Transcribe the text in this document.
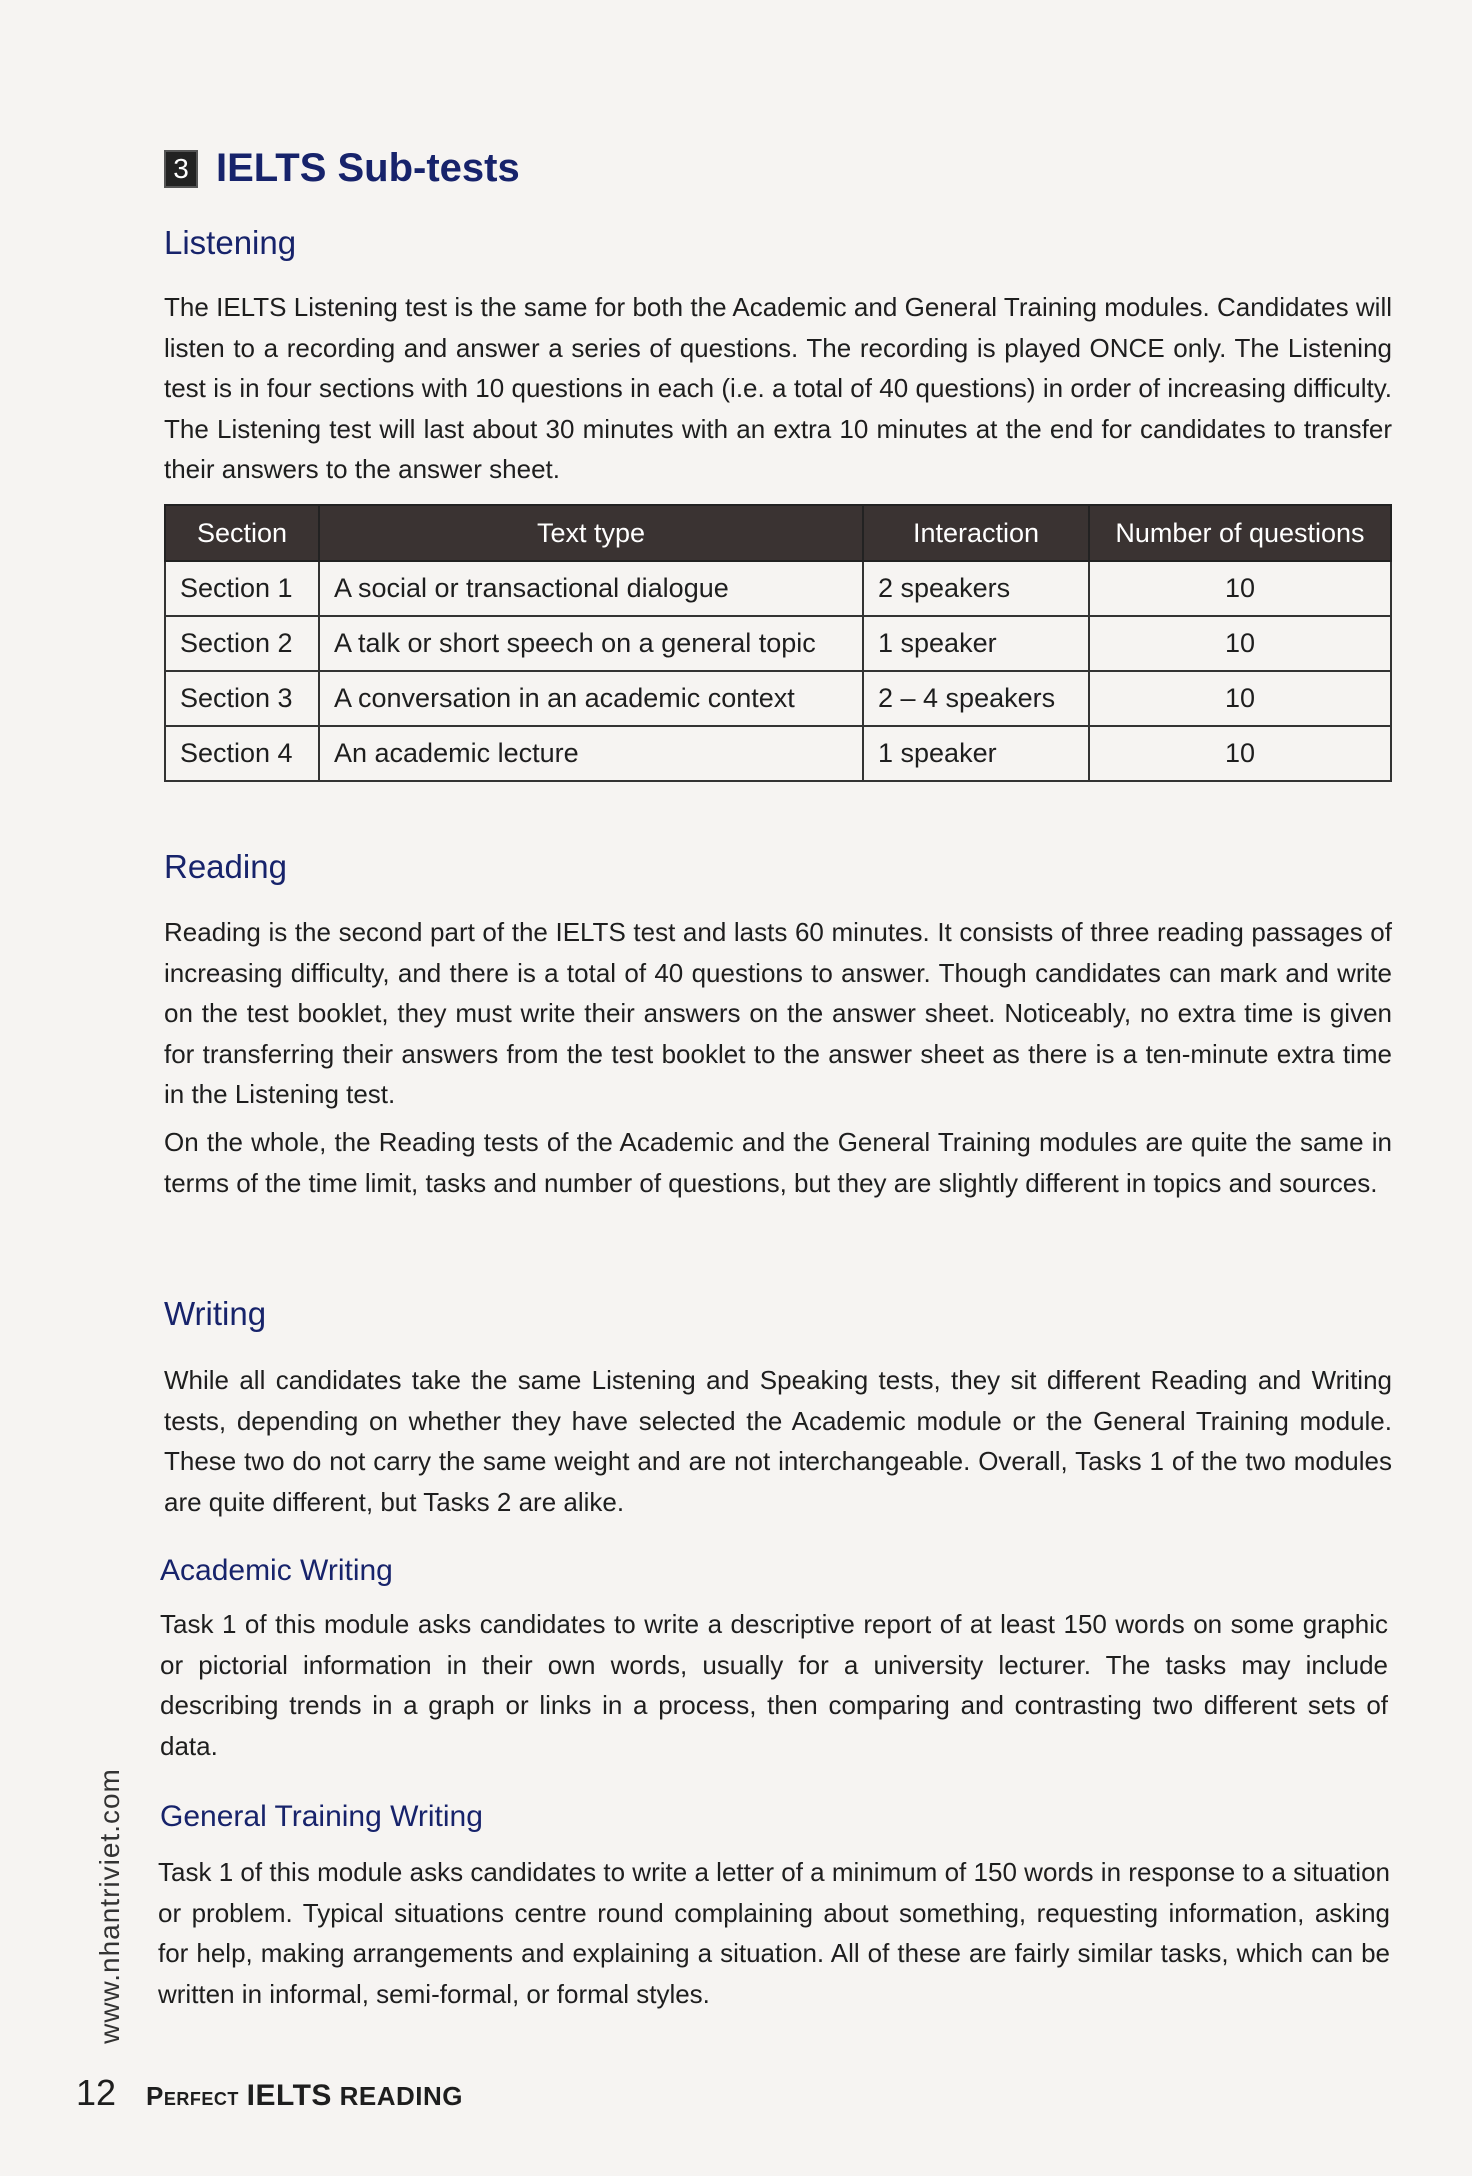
3 IELTS Sub-tests
Listening
The IELTS Listening test is the same for both the Academic and General Training modules. Candidates will listen to a recording and answer a series of questions. The recording is played ONCE only. The Listening test is in four sections with 10 questions in each (i.e. a total of 40 questions) in order of increasing difficulty. The Listening test will last about 30 minutes with an extra 10 minutes at the end for candidates to transfer their answers to the answer sheet.
Section	Text type	Interaction	Number of questions
Section 1	A social or transactional dialogue	2 speakers	10
Section 2	A talk or short speech on a general topic	1 speaker	10
Section 3	A conversation in an academic context	2 – 4 speakers	10
Section 4	An academic lecture	1 speaker	10
Reading
Reading is the second part of the IELTS test and lasts 60 minutes. It consists of three reading passages of increasing difficulty, and there is a total of 40 questions to answer. Though candidates can mark and write on the test booklet, they must write their answers on the answer sheet. Noticeably, no extra time is given for transferring their answers from the test booklet to the answer sheet as there is a ten-minute extra time in the Listening test.
On the whole, the Reading tests of the Academic and the General Training modules are quite the same in terms of the time limit, tasks and number of questions, but they are slightly different in topics and sources.
Writing
While all candidates take the same Listening and Speaking tests, they sit different Reading and Writing tests, depending on whether they have selected the Academic module or the General Training module. These two do not carry the same weight and are not interchangeable. Overall, Tasks 1 of the two modules are quite different, but Tasks 2 are alike.
Academic Writing
Task 1 of this module asks candidates to write a descriptive report of at least 150 words on some graphic or pictorial information in their own words, usually for a university lecturer. The tasks may include describing trends in a graph or links in a process, then comparing and contrasting two different sets of data.
General Training Writing
Task 1 of this module asks candidates to write a letter of a minimum of 150 words in response to a situation or problem. Typical situations centre round complaining about something, requesting information, asking for help, making arrangements and explaining a situation. All of these are fairly similar tasks, which can be written in informal, semi-formal, or formal styles.
www.nhantriviet.com
12 Perfect IELTS READING
